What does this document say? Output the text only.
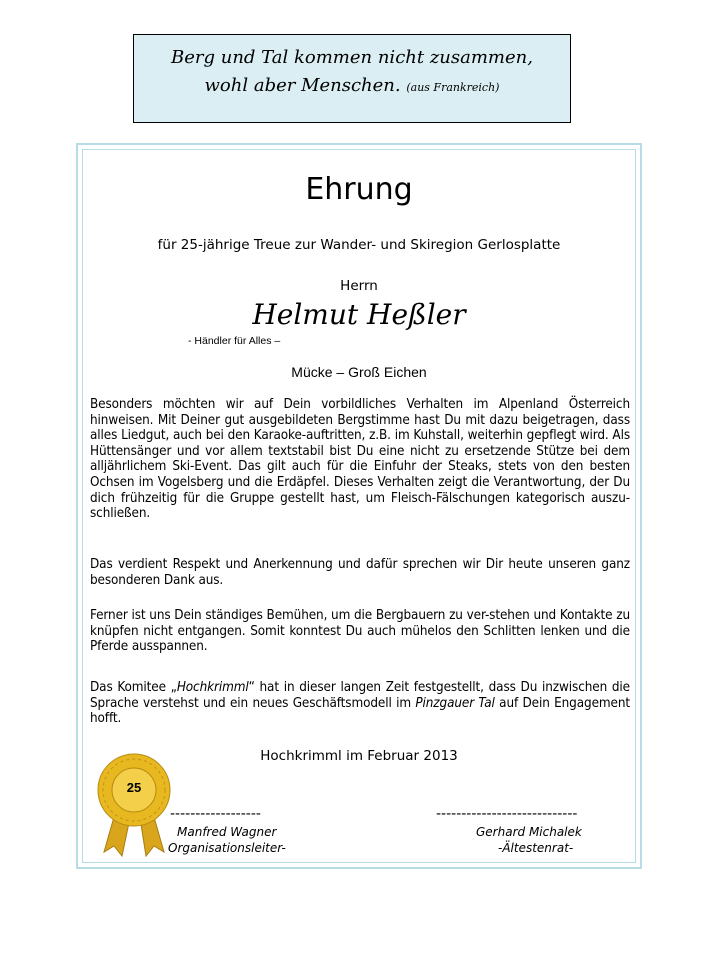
Berg und Tal kommen nicht zusammen,
wohl aber Menschen. (aus Frankreich)
Ehrung
für 25-jährige Treue zur Wander- und Skiregion Gerlosplatte
Herrn
Helmut Heßler
- Händler für Alles –
Mücke – Groß Eichen
Besonders möchten wir auf Dein vorbildliches Verhalten im Alpenland Österreich hinweisen. Mit Deiner gut ausgebildeten Bergstimme hast Du mit dazu beigetragen, dass alles Liedgut, auch bei den Karaoke-auftritten, z.B. im Kuhstall, weiterhin gepflegt wird. Als Hüttensänger und vor allem textstabil bist Du eine nicht zu ersetzende Stütze bei dem alljährlichem Ski-Event. Das gilt auch für die Einfuhr der Steaks, stets von den besten Ochsen im Vogelsberg und die Erdäpfel. Dieses Verhalten zeigt die Verantwortung, der Du dich frühzeitig für die Gruppe gestellt hast, um Fleisch-Fälschungen kategorisch auszu-schließen.
Das verdient Respekt und Anerkennung und dafür sprechen wir Dir heute unseren ganz besonderen Dank aus.
Ferner ist uns Dein ständiges Bemühen, um die Bergbauern zu ver-stehen und Kontakte zu knüpfen nicht entgangen. Somit konntest Du auch mühelos den Schlitten lenken und die Pferde ausspannen.
Das Komitee „Hochkrimml“ hat in dieser langen Zeit festgestellt, dass Du inzwischen die Sprache verstehst und ein neues Geschäftsmodell im Pinzgauer Tal auf Dein Engagement hofft.
Hochkrimml im Februar 2013
25
------------------	----------------------------
Manfred Wagner
Organisationsleiter-
Gerhard Michalek
-Ältestenrat-
